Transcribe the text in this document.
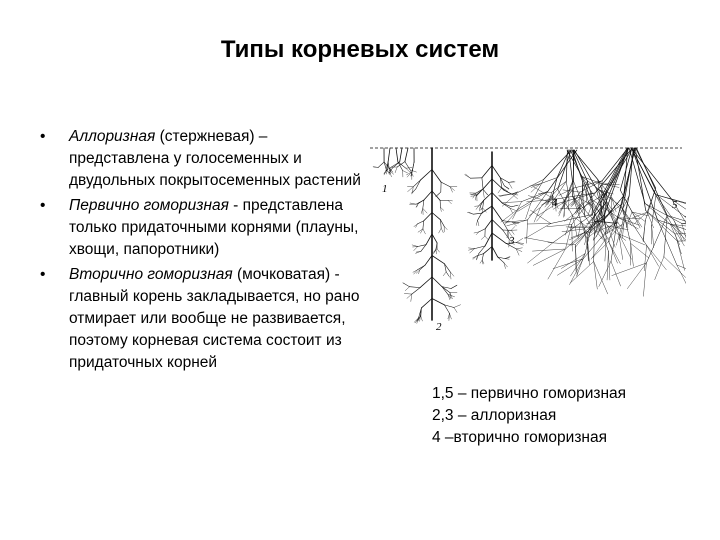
Типы корневых систем
• Аллоризная (стержневая) – представлена у голосеменных и двудольных покрытосеменных растений
• Первично гоморизная - представлена только придаточными корнями (плауны, хвощи, папоротники)
• Вторично гоморизная (мочковатая) - главный корень закладывается, но рано отмирает или вообще не развивается, поэтому корневая система состоит из придаточных корней
1
2
3
4	5
1,5 – первично гоморизная
2,3 – аллоризная
4 –вторично гоморизная
